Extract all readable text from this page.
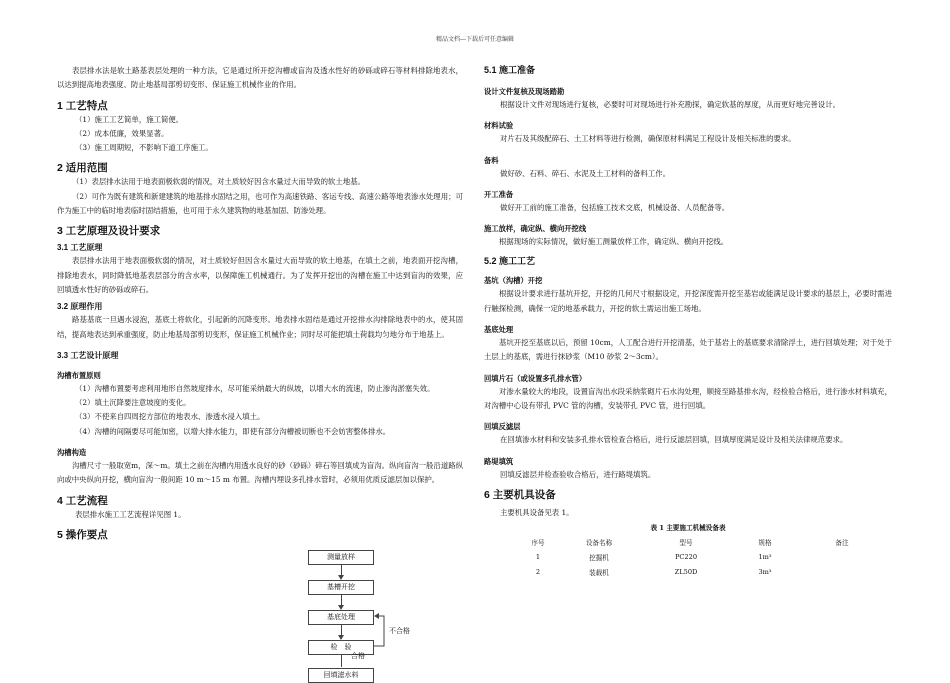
精品文档---下载后可任意编辑

表层排水法是软土路基表层处理的一种方法，它是通过所开挖沟槽或盲沟及透水性好的砂砾或碎石等材料排除地表水，以达到提高地表强度、防止地基局部剪切变形、保证施工机械作业的作用。

1 工艺特点

（1）施工工艺简单，施工简便。

（2）成本低廉，效果显著。

（3）施工周期短，不影响下道工序施工。

2 适用范围

（1）表层排水法用于地表面极软弱的情况，对土质较好因含水量过大而导致的软土地基。

（2）可作为既有建筑和新建建筑的地基排水固结之用，也可作为高速铁路、客运专线、高速公路等地表渗水处理用；可作为施工中的临时地表临时固结措施，也可用于永久建筑物的地基加固、防渗处理。

3 工艺原理及设计要求
3.1 工艺原理

表层排水法用于地表面极软弱的情况，对土质较好但因含水量过大而导致的软土地基，在填土之前，地表面开挖沟槽，排除地表水，同时降低地基表层部分的含水率，以保障施工机械通行。为了发挥开挖出的沟槽在施工中达到盲沟的效果，应回填透水性好的砂砾或碎石。

3.2 原理作用

路基基底一旦遇水浸泡，基底土将软化，引起新的沉降变形。地表排水固结是通过开挖排水沟排除地表中的水，使其固结，提高地表达到承重强度，防止地基局部剪切变形，保证施工机械作业；同时尽可能把填土荷载均匀地分布于地基上。

3.3 工艺设计原理
沟槽布置原则

（1）沟槽布置要考虑利用地形自然坡度排水，尽可能采纳最大的纵坡，以增大水的流速，防止渗沟淤塞失效。

（2）填土沉降要注意坡度的变化。

（3）不使来自四周挖方部位的地表水、渗透水浸入填土。

（4）沟槽的间隔要尽可能加密，以增大排水能力，即使有部分沟槽被切断也不会妨害整体排水。

沟槽构造

沟槽尺寸一般取宽m，深～m。填土之前在沟槽内用透水良好的砂（砂砾）碎石等回填成为盲沟。纵向盲沟一般沿道路纵向或中央纵向开挖，横向盲沟一般间距 10 m～15 m 布置。沟槽内埋设多孔排水管时，必须用优质反滤层加以保护。

4 工艺流程

表层排水施工工艺流程详见图 1。

5 操作要点
测量放样
基槽开挖
基底处理
检　验
合格
回填滤水料
不合格
5.1 施工准备
设计文件复核及现场踏勘

根据设计文件对现场进行复核，必要时可对现场进行补充勘探，确定软基的厚度，从而更好地完善设计。

材料试验

对片石及其级配碎石、土工材料等进行检测，确保原材料满足工程设计及相关标准的要求。

备料

做好砂、石料、碎石、水泥及土工材料的备料工作。

开工准备

做好开工前的施工准备，包括施工技术交底，机械设备、人员配备等。

施工放样，确定纵、横向开挖线

根据现场的实际情况，做好施工测量放样工作，确定纵、横向开挖线。

5.2 施工工艺
基坑（沟槽）开挖

根据设计要求进行基坑开挖，开挖的几何尺寸根据设定，开挖深度需开挖至基岩或能满足设计要求的基层上，必要时需进行触探检测，确保一定的地基承载力，开挖的软土需运出施工场地。

基底处理

基坑开挖至基底以后，预留 10cm，人工配合进行开挖清基，处于基岩上的基底要求清除浮土，进行回填处理；对于处于土层上的基底，需进行抹砂浆（M10 砂浆 2～3cm）。

回填片石（或设置多孔排水管）

对渗水量较大的地段，设置盲沟出水段采纳浆砌片石水沟处理，顺接至路基排水沟，经检验合格后，进行渗水材料填充，对沟槽中心设有带孔 PVC 管的沟槽，安装带孔 PVC 管，进行回填。

回填反滤层

在回填渗水材料和安装多孔排水管检查合格后，进行反滤层回填，回填厚度满足设计及相关法律规范要求。

路堤填筑

回填反滤层并检查验收合格后，进行路堤填筑。

6 主要机具设备

主要机具设备见表 1。

表 1 主要施工机械设备表
序号	设备名称	型号	规格	备注
1	挖掘机	PC220	1m³	
2	装载机	ZL50D	3m³	
